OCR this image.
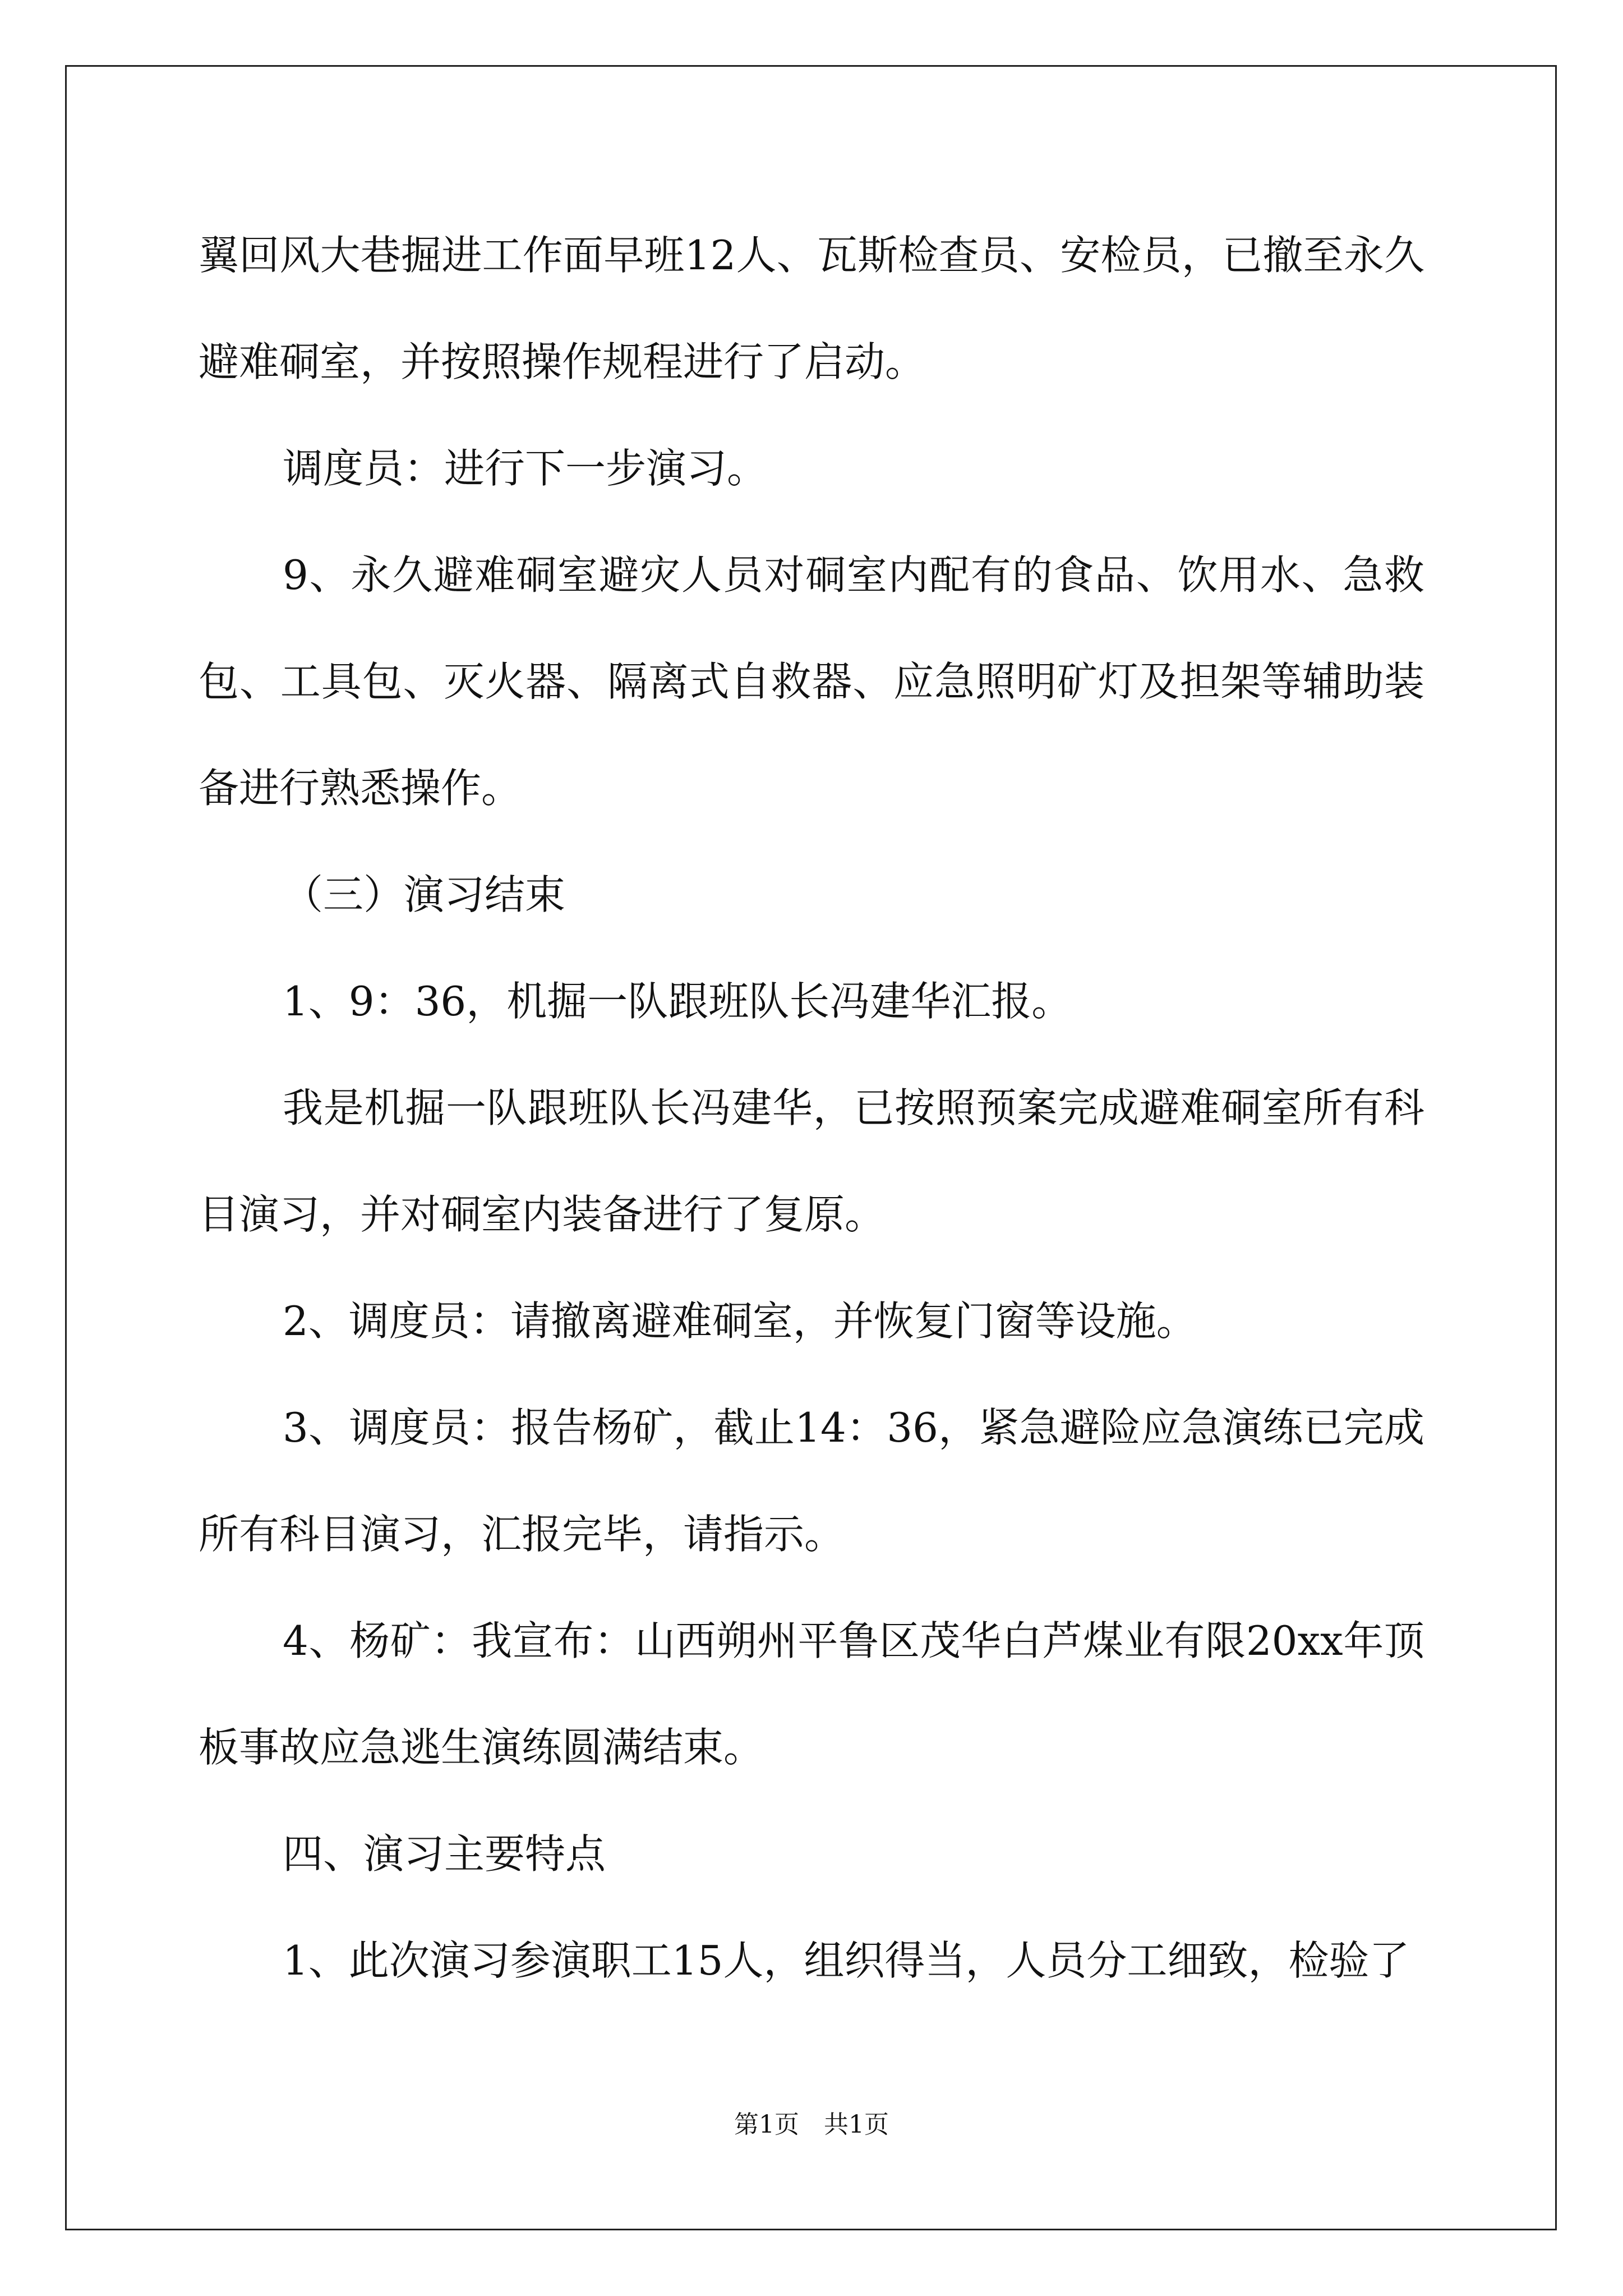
翼回风大巷掘进工作面早班12人、瓦斯检查员、安检员，已撤至永久避难硐室，并按照操作规程进行了启动。

调度员：进行下一步演习。

9、永久避难硐室避灾人员对硐室内配有的食品、饮用水、急救包、工具包、灭火器、隔离式自救器、应急照明矿灯及担架等辅助装备进行熟悉操作。

（三）演习结束

1、9：36，机掘一队跟班队长冯建华汇报。

我是机掘一队跟班队长冯建华，已按照预案完成避难硐室所有科目演习，并对硐室内装备进行了复原。

2、调度员：请撤离避难硐室，并恢复门窗等设施。

3、调度员：报告杨矿，截止14：36，紧急避险应急演练已完成所有科目演习，汇报完毕，请指示。

4、杨矿：我宣布：山西朔州平鲁区茂华白芦煤业有限20xx年顶板事故应急逃生演练圆满结束。

四、演习主要特点

1、此次演习参演职工15人，组织得当，人员分工细致，检验了

第1页　共1页
